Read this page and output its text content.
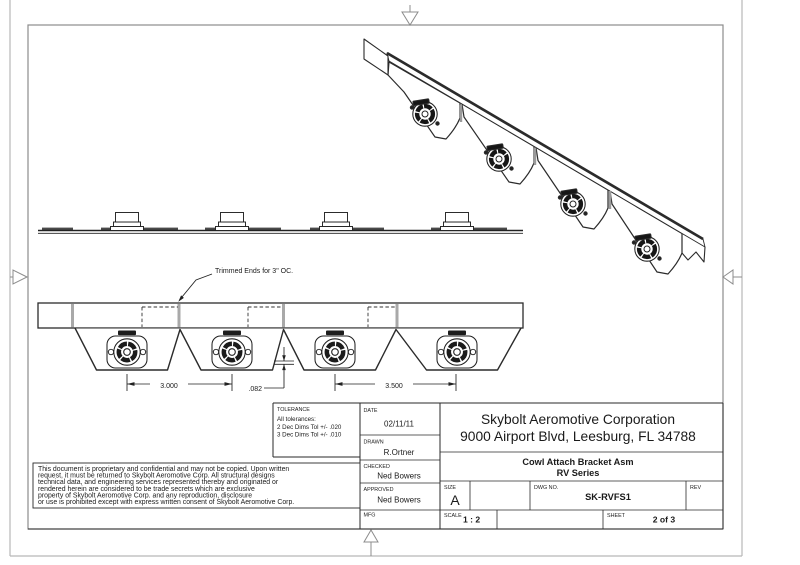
Trimmed Ends for 3" OC.
3.000	.082	3.500
TOLERANCE
All tolerances:
2 Dec Dims Tol +/- .020
3 Dec Dims Tol +/- .010
DATE
02/11/11
DRAWN
R.Ortner
CHECKED
Ned Bowers
APPROVED
Ned Bowers
MFG
Skybolt Aeromotive Corporation
9000 Airport Blvd, Leesburg, FL 34788
Cowl Attach Bracket Asm
RV Series
SIZE
A
DWG NO.
SK-RVFS1
REV
SCALE 1 : 2	SHEET	2 of 3
This document is proprietary and confidential and may not be copied. Upon written
request, it must be returned to Skybolt Aeromotive Corp. All structural designs
technical data, and engineering services represented thereby and originated or
rendered herein are considered to be trade secrets which are exclusive
property of Skybolt Aeromotive Corp. and any reproduction, disclosure
or use is prohibited except with express written consent of Skybolt Aeromotive Corp.
